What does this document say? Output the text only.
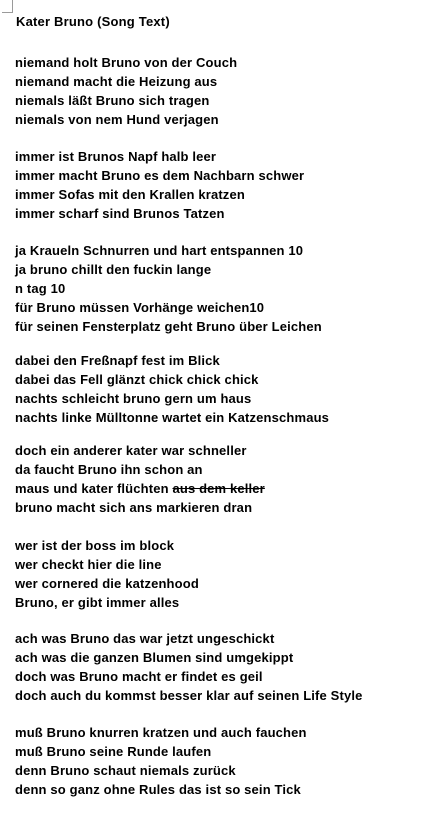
Kater Bruno (Song Text)
niemand holt Bruno von der Couch
niemand macht die Heizung aus
niemals läßt Bruno sich tragen
niemals von nem Hund verjagen
immer ist Brunos Napf halb leer
immer macht Bruno es dem Nachbarn schwer
immer Sofas mit den Krallen kratzen
immer scharf sind Brunos Tatzen
ja Kraueln Schnurren und hart entspannen 10
ja bruno chillt den fuckin lange
n tag 10
für Bruno müssen Vorhänge weichen10
für seinen Fensterplatz geht Bruno über Leichen
dabei den Freßnapf fest im Blick
dabei das Fell glänzt chick chick chick
nachts schleicht bruno gern um haus
nachts linke Mülltonne wartet ein Katzenschmaus
doch ein anderer kater war schneller
da faucht Bruno ihn schon an
maus und kater flüchten aus dem keller
bruno macht sich ans markieren dran
wer ist der boss im block
wer checkt hier die line
wer cornered die katzenhood
Bruno, er gibt immer alles
ach was Bruno das war jetzt ungeschickt
ach was die ganzen Blumen sind umgekippt
doch was Bruno macht er findet es geil
doch auch du kommst besser klar auf seinen Life Style
muß Bruno knurren kratzen und auch fauchen
muß Bruno seine Runde laufen
denn Bruno schaut niemals zurück
denn so ganz ohne Rules das ist so sein Tick
